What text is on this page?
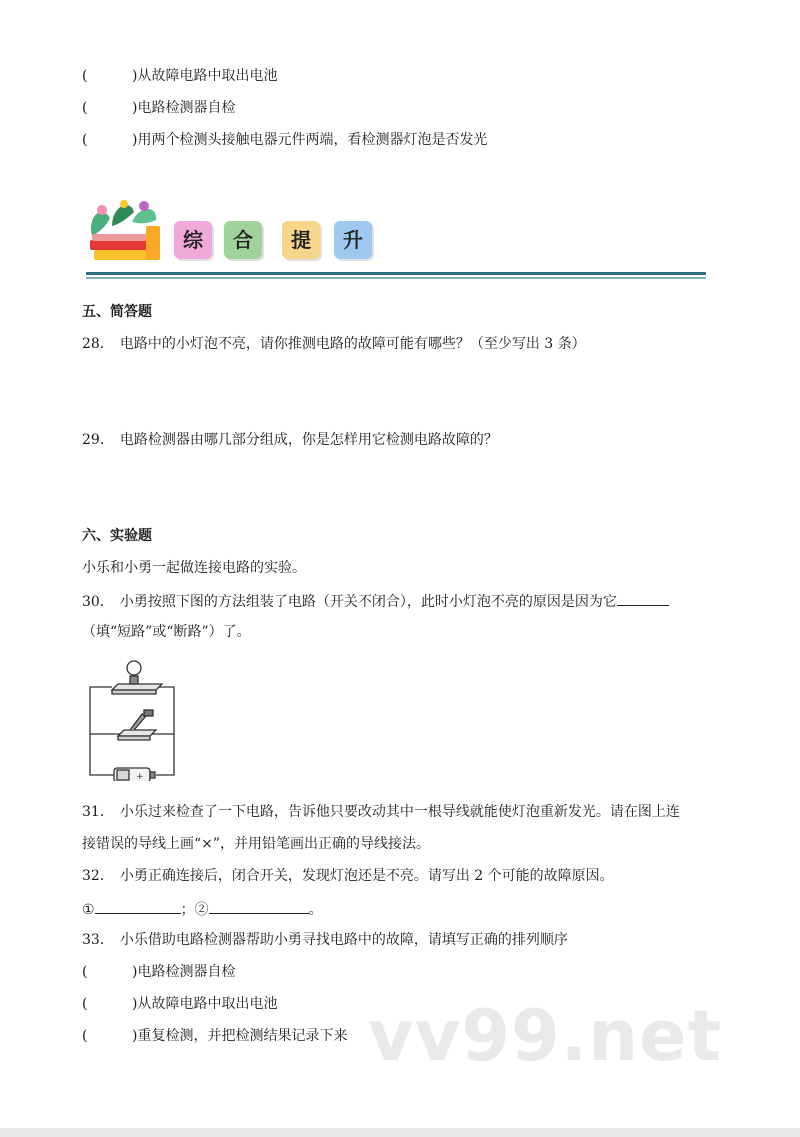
(	)从故障电路中取出电池
(	)电路检测器自检
(	)用两个检测头接触电器元件两端，看检测器灯泡是否发光
综	合	提	升
五、简答题
28． 电路中的小灯泡不亮，请你推测电路的故障可能有哪些？（至少写出 3 条）
29． 电路检测器由哪几部分组成，你是怎样用它检测电路故障的？
六、实验题
小乐和小勇一起做连接电路的实验。
30． 小勇按照下图的方法组装了电路（开关不闭合），此时小灯泡不亮的原因是因为它
（填“短路”或“断路”）了。
+
31． 小乐过来检查了一下电路，告诉他只要改动其中一根导线就能使灯泡重新发光。请在图上连
接错误的导线上画“×”，并用铅笔画出正确的导线接法。
32． 小勇正确连接后，闭合开关，发现灯泡还是不亮。请写出 2 个可能的故障原因。
①	；②	。
33． 小乐借助电路检测器帮助小勇寻找电路中的故障，请填写正确的排列顺序
(	)电路检测器自检
(	)从故障电路中取出电池
(	)重复检测，并把检测结果记录下来 vv99.net
